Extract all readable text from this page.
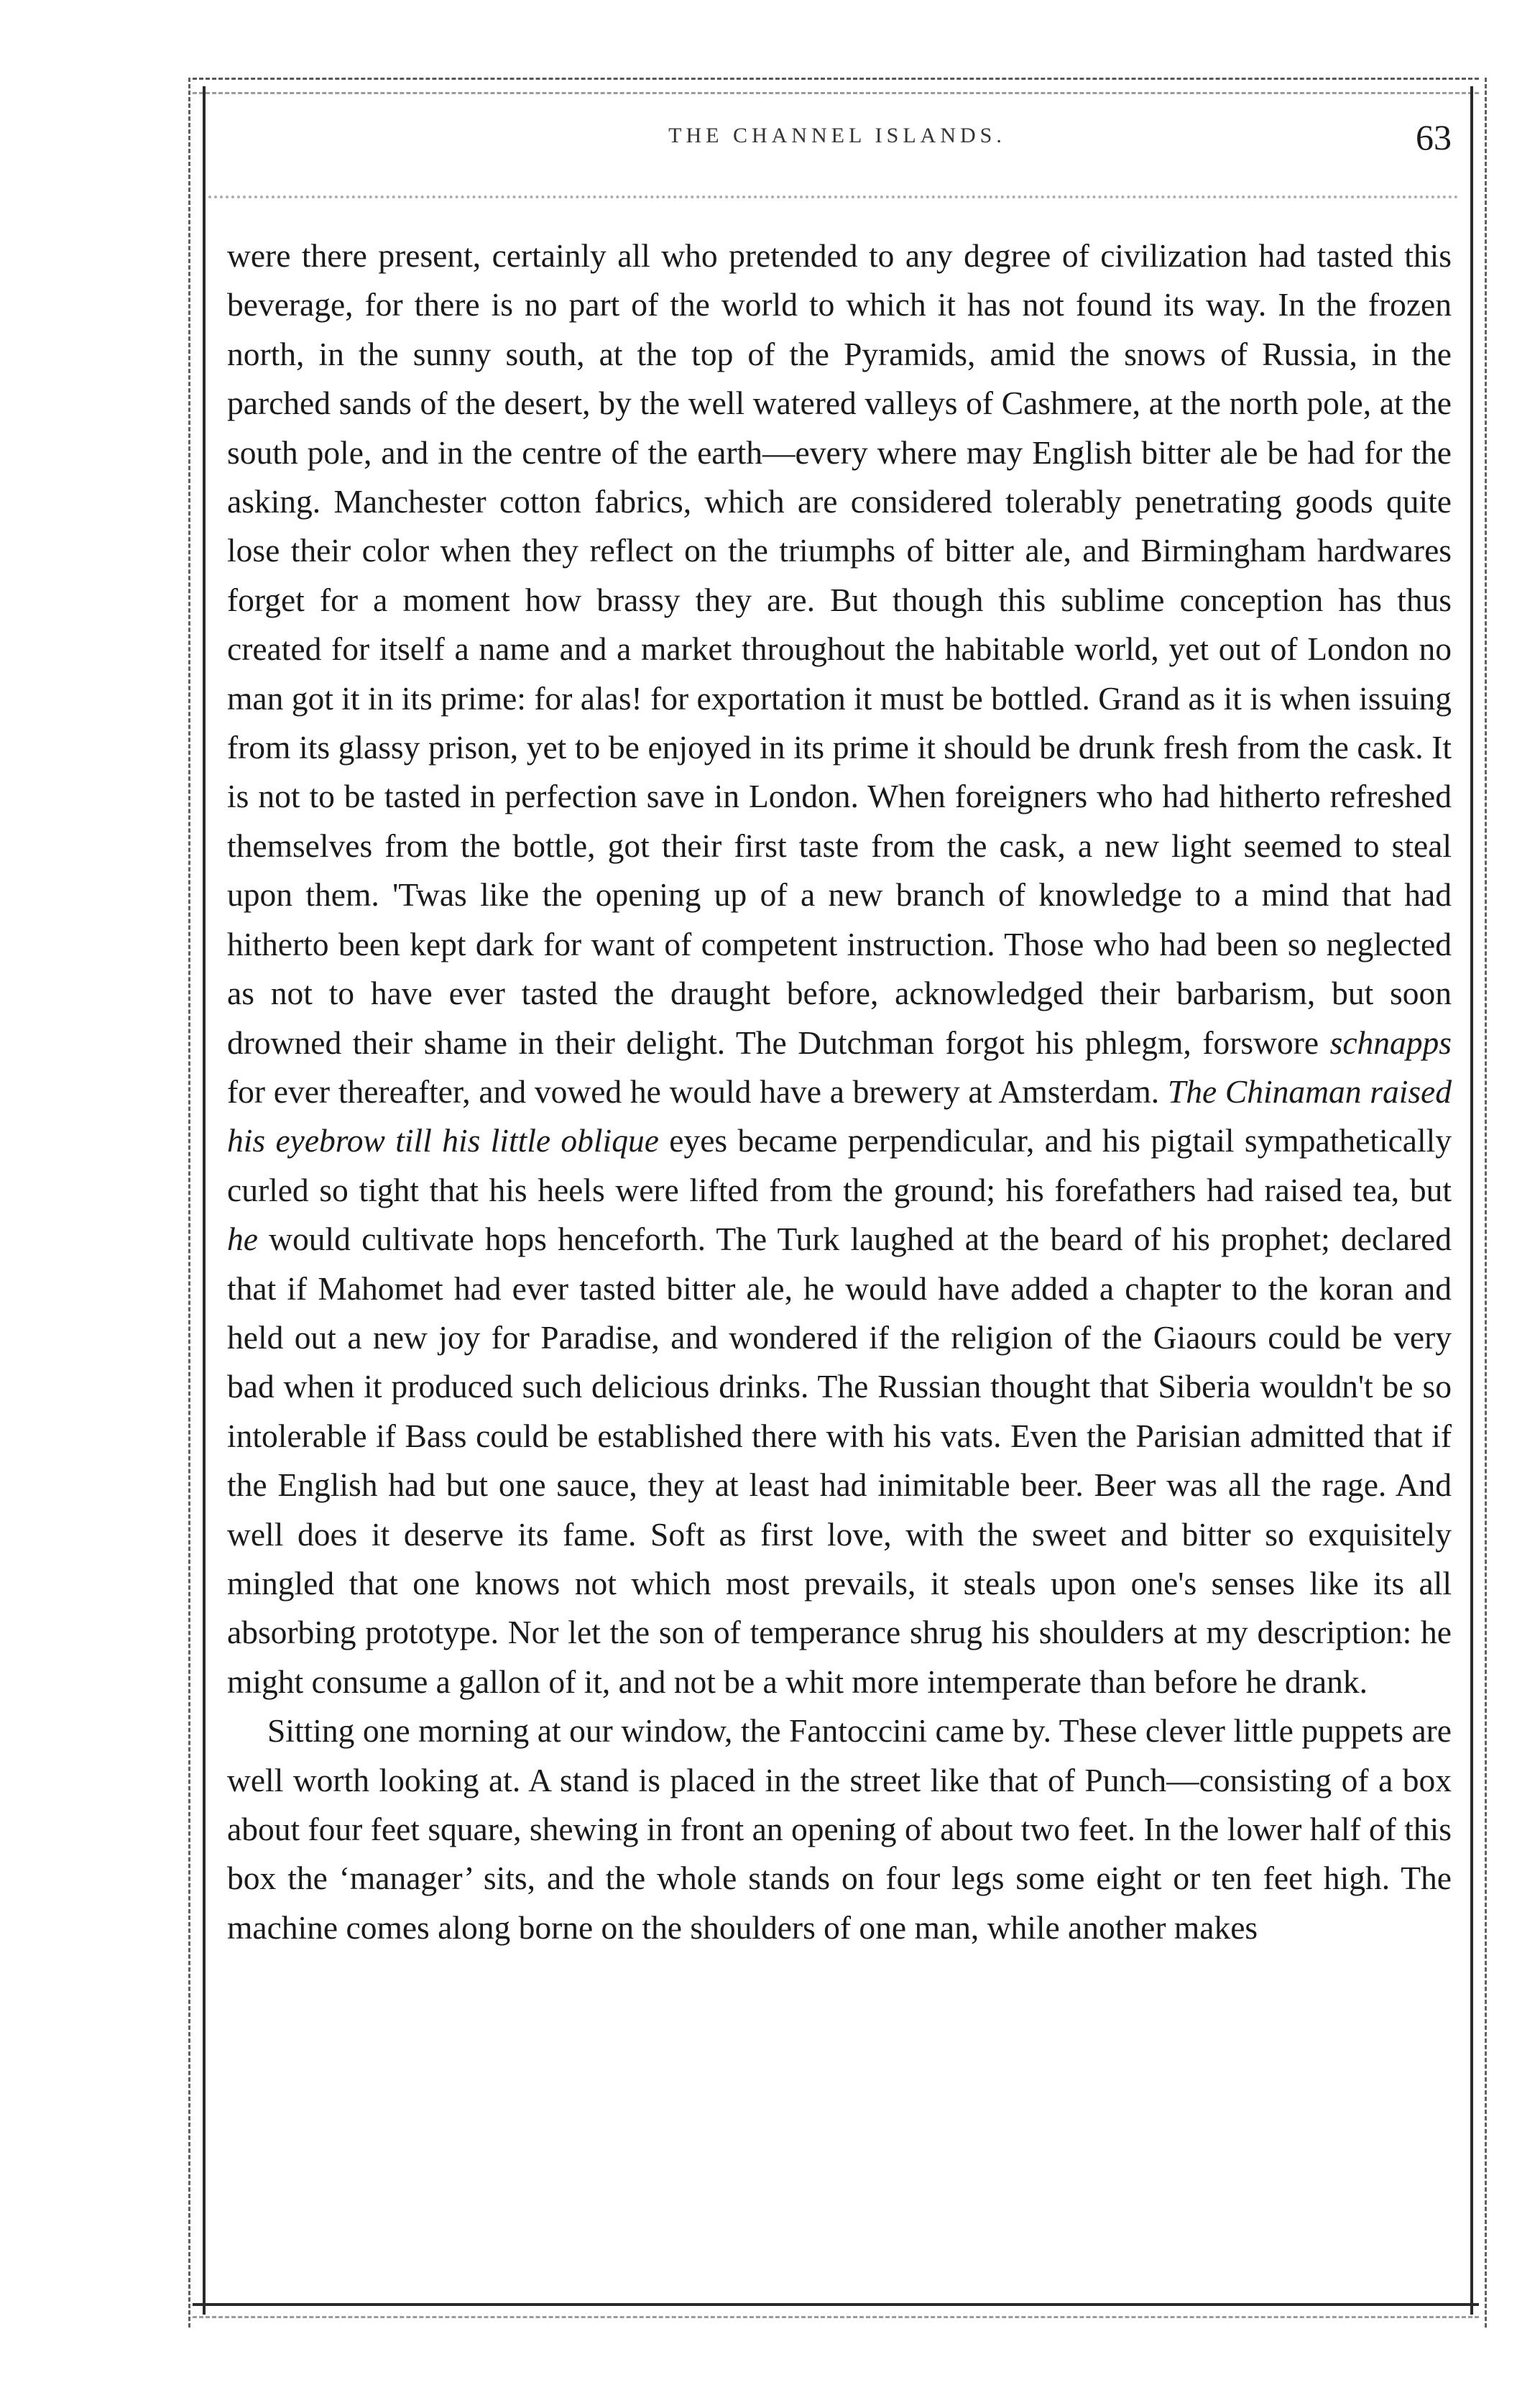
THE CHANNEL ISLANDS.	63

were there present, certainly all who pretended to any degree of civilization had tasted this beverage, for there is no part of the world to which it has not found its way. In the frozen north, in the sunny south, at the top of the Pyramids, amid the snows of Russia, in the parched sands of the desert, by the well watered valleys of Cashmere, at the north pole, at the south pole, and in the centre of the earth—every where may English bitter ale be had for the asking. Manchester cotton fabrics, which are considered tolerably penetrating goods quite lose their color when they reflect on the triumphs of bitter ale, and Birmingham hardwares forget for a moment how brassy they are. But though this sublime conception has thus created for itself a name and a market throughout the habitable world, yet out of London no man got it in its prime: for alas! for exportation it must be bottled. Grand as it is when issuing from its glassy prison, yet to be enjoyed in its prime it should be drunk fresh from the cask. It is not to be tasted in perfection save in London. When foreigners who had hitherto refreshed themselves from the bottle, got their first taste from the cask, a new light seemed to steal upon them. 'Twas like the opening up of a new branch of knowledge to a mind that had hitherto been kept dark for want of competent instruction. Those who had been so neglected as not to have ever tasted the draught before, acknowledged their barbarism, but soon drowned their shame in their delight. The Dutchman forgot his phlegm, forswore schnapps for ever thereafter, and vowed he would have a brewery at Amsterdam. The Chinaman raised his eyebrow till his little oblique eyes became perpendicular, and his pigtail sympathetically curled so tight that his heels were lifted from the ground; his forefathers had raised tea, but he would cultivate hops henceforth. The Turk laughed at the beard of his prophet; declared that if Mahomet had ever tasted bitter ale, he would have added a chapter to the koran and held out a new joy for Paradise, and wondered if the religion of the Giaours could be very bad when it produced such delicious drinks. The Russian thought that Siberia wouldn't be so intolerable if Bass could be established there with his vats. Even the Parisian admitted that if the English had but one sauce, they at least had inimitable beer. Beer was all the rage. And well does it deserve its fame. Soft as first love, with the sweet and bitter so exquisitely mingled that one knows not which most prevails, it steals upon one's senses like its all absorbing prototype. Nor let the son of temperance shrug his shoulders at my description: he might consume a gallon of it, and not be a whit more intemperate than before he drank.

Sitting one morning at our window, the Fantoccini came by. These clever little puppets are well worth looking at. A stand is placed in the street like that of Punch—consisting of a box about four feet square, shewing in front an opening of about two feet. In the lower half of this box the ‘manager’ sits, and the whole stands on four legs some eight or ten feet high. The machine comes along borne on the shoulders of one man, while another makes
